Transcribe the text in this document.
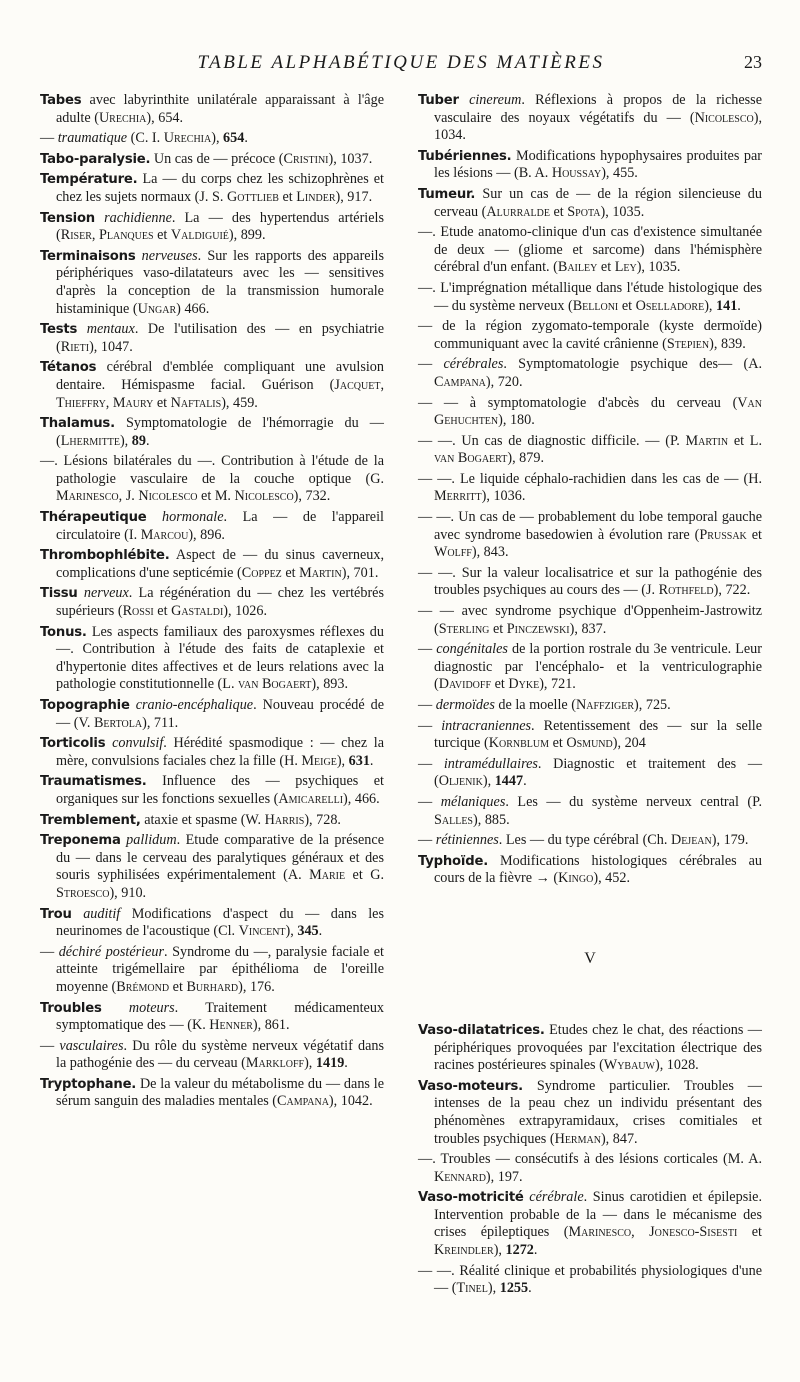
TABLE ALPHABÉTIQUE DES MATIÈRES	23

Tabes avec labyrinthite unilatérale apparaissant à l'âge adulte (Urechia), 654.

— traumatique (C. I. Urechia), 654.

Tabo-paralysie. Un cas de — précoce (Cristini), 1037.

Température. La — du corps chez les schizophrènes et chez les sujets normaux (J. S. Gottlieb et Linder), 917.

Tension rachidienne. La — des hypertendus artériels (Riser, Planques et Valdiguié), 899.

Terminaisons nerveuses. Sur les rapports des appareils périphériques vaso-dilatateurs avec les — sensitives d'après la conception de la transmission humorale histaminique (Ungar) 466.

Tests mentaux. De l'utilisation des — en psychiatrie (Rieti), 1047.

Tétanos cérébral d'emblée compliquant une avulsion dentaire. Hémispasme facial. Guérison (Jacquet, Thieffry, Maury et Naftalis), 459.

Thalamus. Symptomatologie de l'hémorragie du — (Lhermitte), 89.

—. Lésions bilatérales du —. Contribution à l'étude de la pathologie vasculaire de la couche optique (G. Marinesco, J. Nicolesco et M. Nicolesco), 732.

Thérapeutique hormonale. La — de l'appareil circulatoire (I. Marcou), 896.

Thrombophlébite. Aspect de — du sinus caverneux, complications d'une septicémie (Coppez et Martin), 701.

Tissu nerveux. La régénération du — chez les vertébrés supérieurs (Rossi et Gastaldi), 1026.

Tonus. Les aspects familiaux des paroxysmes réflexes du —. Contribution à l'étude des faits de cataplexie et d'hypertonie dites affectives et de leurs relations avec la pathologie constitutionnelle (L. van Bogaert), 893.

Topographie cranio-encéphalique. Nouveau procédé de — (V. Bertola), 711.

Torticolis convulsif. Hérédité spasmodique : — chez la mère, convulsions faciales chez la fille (H. Meige), 631.

Traumatismes. Influence des — psychiques et organiques sur les fonctions sexuelles (Amicarelli), 466.

Tremblement, ataxie et spasme (W. Harris), 728.

Treponema pallidum. Etude comparative de la présence du — dans le cerveau des paralytiques généraux et des souris syphilisées expérimentalement (A. Marie et G. Stroesco), 910.

Trou auditif Modifications d'aspect du — dans les neurinomes de l'acoustique (Cl. Vincent), 345.

— déchiré postérieur. Syndrome du —, paralysie faciale et atteinte trigémellaire par épithélioma de l'oreille moyenne (Brémond et Burhard), 176.

Troubles moteurs. Traitement médicamenteux symptomatique des — (K. Henner), 861.

— vasculaires. Du rôle du système nerveux végétatif dans la pathogénie des — du cerveau (Markloff), 1419.

Tryptophane. De la valeur du métabolisme du — dans le sérum sanguin des maladies mentales (Campana), 1042.

Tuber cinereum. Réflexions à propos de la richesse vasculaire des noyaux végétatifs du — (Nicolesco), 1034.

Tubériennes. Modifications hypophysaires produites par les lésions — (B. A. Houssay), 455.

Tumeur. Sur un cas de — de la région silencieuse du cerveau (Alurralde et Spota), 1035.

—. Etude anatomo-clinique d'un cas d'existence simultanée de deux — (gliome et sarcome) dans l'hémisphère cérébral d'un enfant. (Bailey et Ley), 1035.

—. L'imprégnation métallique dans l'étude histologique des — du système nerveux (Belloni et Oselladore), 141.

— de la région zygomato-temporale (kyste dermoïde) communiquant avec la cavité crânienne (Stepien), 839.

— cérébrales. Symptomatologie psychique des— (A. Campana), 720.

— — à symptomatologie d'abcès du cerveau (Van Gehuchten), 180.

— —. Un cas de diagnostic difficile. — (P. Martin et L. van Bogaert), 879.

— —. Le liquide céphalo-rachidien dans les cas de — (H. Merritt), 1036.

— —. Un cas de — probablement du lobe temporal gauche avec syndrome basedowien à évolution rare (Prussak et Wolff), 843.

— —. Sur la valeur localisatrice et sur la pathogénie des troubles psychiques au cours des — (J. Rothfeld), 722.

— — avec syndrome psychique d'Oppenheim-Jastrowitz (Sterling et Pinczewski), 837.

— congénitales de la portion rostrale du 3e ventricule. Leur diagnostic par l'encéphalo- et la ventriculographie (Davidoff et Dyke), 721.

— dermoïdes de la moelle (Naffziger), 725.

— intracraniennes. Retentissement des — sur la selle turcique (Kornblum et Osmund), 204

— intramédullaires. Diagnostic et traitement des — (Oljenik), 1447.

— mélaniques. Les — du système nerveux central (P. Salles), 885.

— rétiniennes. Les — du type cérébral (Ch. Dejean), 179.

Typhoïde. Modifications histologiques cérébrales au cours de la fièvre → (Kingo), 452.

V

Vaso-dilatatrices. Etudes chez le chat, des réactions — périphériques provoquées par l'excitation électrique des racines postérieures spinales (Wybauw), 1028.

Vaso-moteurs. Syndrome particulier. Troubles — intenses de la peau chez un individu présentant des phénomènes extrapyramidaux, crises comitiales et troubles psychiques (Herman), 847.

—. Troubles — consécutifs à des lésions corticales (M. A. Kennard), 197.

Vaso-motricité cérébrale. Sinus carotidien et épilepsie. Intervention probable de la — dans le mécanisme des crises épileptiques (Marinesco, Jonesco-Sisesti et Kreindler), 1272.

— —. Réalité clinique et probabilités physiologiques d'une — (Tinel), 1255.
